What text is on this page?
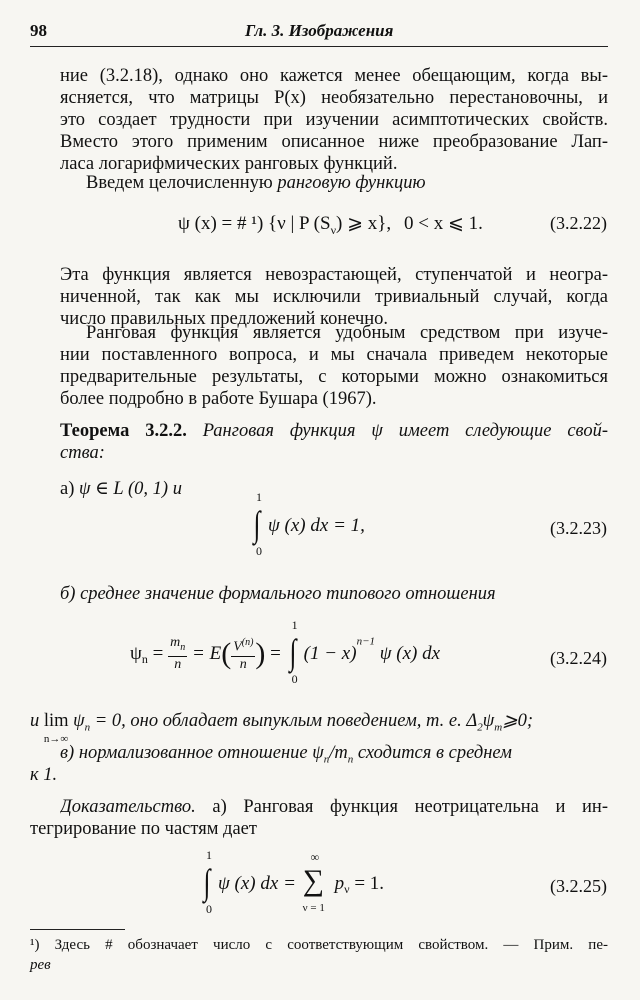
98	Гл. 3. Изображения
ние (3.2.18), однако оно кажется менее обещающим, когда вы-
ясняется, что матрицы P(x) необязательно перестановочны, и
это создает трудности при изучении асимптотических свойств.
Вместо этого применим описанное ниже преобразование Лап-
ласа логарифмических ранговых функций.
Введем целочисленную ранговую функцию
ψ (x) = # ¹) {ν | P $(S_\nu)$ ⩾ x}, 0 < x ⩽ 1.	(3.2.22)
Эта функция является невозрастающей, ступенчатой и неогра-
ниченной, так как мы исключили тривиальный случай, когда
число правильных предложений конечно.
Ранговая функция является удобным средством при изуче-
нии поставленного вопроса, и мы сначала приведем некоторые
предварительные результаты, с которыми можно ознакомиться
более подробно в работе Бушара (1967).
Теорема 3.2.2. Ранговая функция ψ имеет следующие свой-
ства:
а) ψ ∈ L (0, 1) и
∫
1
0
ψ (x) dx = 1,	(3.2.23)
б) среднее значение формального типового отношения
$\psi_n = \frac{m_n}{n} = E( \frac{V^{(n)}}{n}$ ) = ∫
1
0
$(1 - x)^{n-1}$ ψ (x) dx	(3.2.24)
и lim
n→∞
$\psi_n = 0$, оно обладает выпуклым поведением, т. е. $\Delta_2\psi_m⩾0$;
в) нормализованное отношение $\psi_n/m_n$ сходится в среднем
к 1.
Доказательство. а) Ранговая функция неотрицательна и ин-
тегрирование по частям дает
∫
1
0
ψ (x) dx = ∑
∞
ν = 1
$p_\nu = 1$.	(3.2.25)
¹) Здесь # обозначает число с соответствующим свойством. — Прим. пе-
рев
